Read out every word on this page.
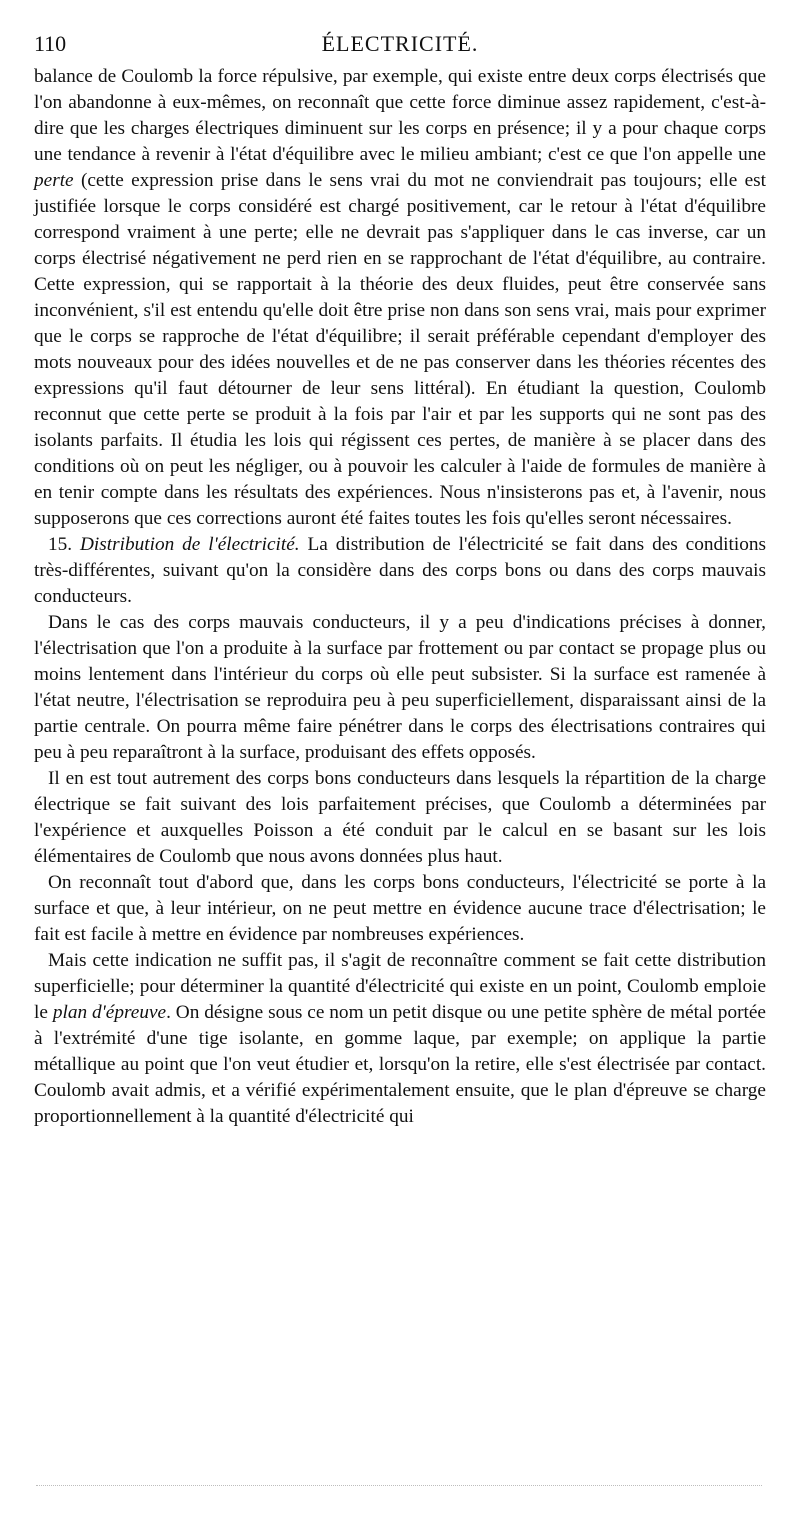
110	ÉLECTRICITÉ.

balance de Coulomb la force répulsive, par exemple, qui existe entre deux corps électrisés que l'on abandonne à eux-mêmes, on reconnaît que cette force diminue assez rapidement, c'est-à-dire que les charges électriques diminuent sur les corps en présence; il y a pour chaque corps une tendance à revenir à l'état d'équilibre avec le milieu ambiant; c'est ce que l'on appelle une perte (cette expression prise dans le sens vrai du mot ne conviendrait pas toujours; elle est justifiée lorsque le corps considéré est chargé positivement, car le retour à l'état d'équilibre correspond vraiment à une perte; elle ne devrait pas s'appliquer dans le cas inverse, car un corps électrisé négativement ne perd rien en se rapprochant de l'état d'équilibre, au contraire. Cette expression, qui se rapportait à la théorie des deux fluides, peut être conservée sans inconvénient, s'il est entendu qu'elle doit être prise non dans son sens vrai, mais pour exprimer que le corps se rapproche de l'état d'équilibre; il serait préférable cependant d'employer des mots nouveaux pour des idées nouvelles et de ne pas conserver dans les théories récentes des expressions qu'il faut détourner de leur sens littéral). En étudiant la question, Coulomb reconnut que cette perte se produit à la fois par l'air et par les supports qui ne sont pas des isolants parfaits. Il étudia les lois qui régissent ces pertes, de manière à se placer dans des conditions où on peut les négliger, ou à pouvoir les calculer à l'aide de formules de manière à en tenir compte dans les résultats des expériences. Nous n'insisterons pas et, à l'avenir, nous supposerons que ces corrections auront été faites toutes les fois qu'elles seront nécessaires.

15. Distribution de l'électricité. La distribution de l'électricité se fait dans des conditions très-différentes, suivant qu'on la considère dans des corps bons ou dans des corps mauvais conducteurs.

Dans le cas des corps mauvais conducteurs, il y a peu d'indications précises à donner, l'électrisation que l'on a produite à la surface par frottement ou par contact se propage plus ou moins lentement dans l'intérieur du corps où elle peut subsister. Si la surface est ramenée à l'état neutre, l'électrisation se reproduira peu à peu superficiellement, disparaissant ainsi de la partie centrale. On pourra même faire pénétrer dans le corps des électrisations contraires qui peu à peu reparaîtront à la surface, produisant des effets opposés.

Il en est tout autrement des corps bons conducteurs dans lesquels la répartition de la charge électrique se fait suivant des lois parfaitement précises, que Coulomb a déterminées par l'expérience et auxquelles Poisson a été conduit par le calcul en se basant sur les lois élémentaires de Coulomb que nous avons données plus haut.

On reconnaît tout d'abord que, dans les corps bons conducteurs, l'électricité se porte à la surface et que, à leur intérieur, on ne peut mettre en évidence aucune trace d'électrisation; le fait est facile à mettre en évidence par nombreuses expériences.

Mais cette indication ne suffit pas, il s'agit de reconnaître comment se fait cette distribution superficielle; pour déterminer la quantité d'électricité qui existe en un point, Coulomb emploie le plan d'épreuve. On désigne sous ce nom un petit disque ou une petite sphère de métal portée à l'extrémité d'une tige isolante, en gomme laque, par exemple; on applique la partie métallique au point que l'on veut étudier et, lorsqu'on la retire, elle s'est électrisée par contact. Coulomb avait admis, et a vérifié expérimentalement ensuite, que le plan d'épreuve se charge proportionnellement à la quantité d'électricité qui
